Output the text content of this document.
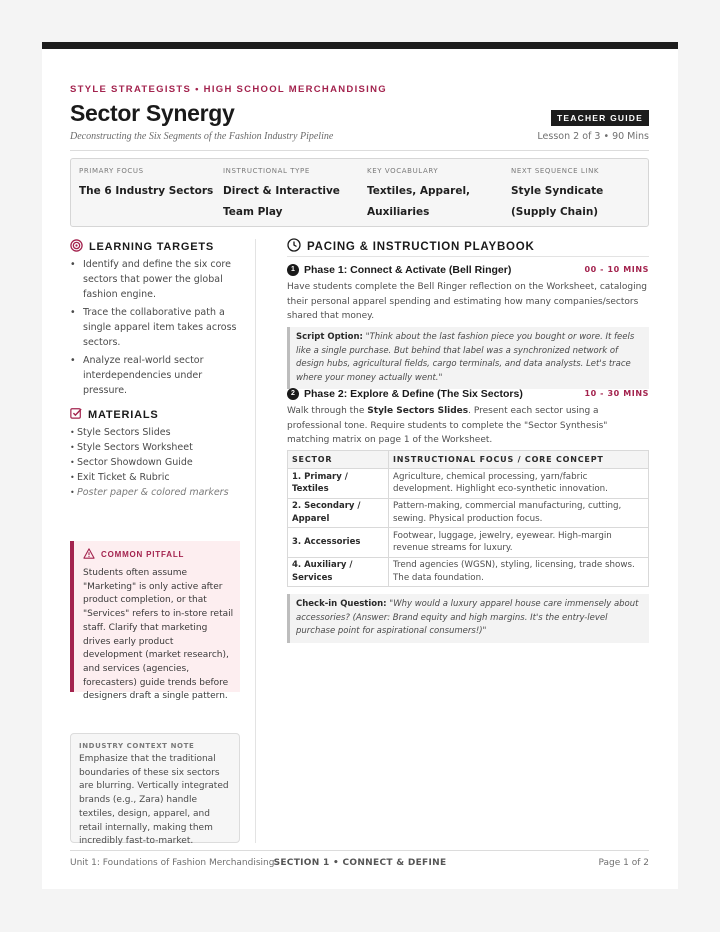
STYLE STRATEGISTS • HIGH SCHOOL MERCHANDISING
Sector Synergy
Deconstructing the Six Segments of the Fashion Industry Pipeline
TEACHER GUIDE
Lesson 2 of 3 • 90 Mins
PRIMARY FOCUS
The 6 Industry Sectors
INSTRUCTIONAL TYPE
Direct & Interactive Team Play
KEY VOCABULARY
Textiles, Apparel, Auxiliaries
NEXT SEQUENCE LINK
Style Syndicate (Supply Chain)
LEARNING TARGETS
• Identify and define the six core sectors that power the global fashion engine.
• Trace the collaborative path a single apparel item takes across sectors.
• Analyze real-world sector interdependencies under pressure.
MATERIALS
• Style Sectors Slides
• Style Sectors Worksheet
• Sector Showdown Guide
• Exit Ticket & Rubric
• Poster paper & colored markers
COMMON PITFALL
Students often assume "Marketing" is only active after product completion, or that "Services" refers to in-store retail staff. Clarify that marketing drives early product development (market research), and services (agencies, forecasters) guide trends before designers draft a single pattern.
INDUSTRY CONTEXT NOTE
Emphasize that the traditional boundaries of these six sectors are blurring. Vertically integrated brands (e.g., Zara) handle textiles, design, apparel, and retail internally, making them incredibly fast-to-market.
PACING & INSTRUCTION PLAYBOOK
1 Phase 1: Connect & Activate (Bell Ringer)	00 - 10 MINS
Have students complete the Bell Ringer reflection on the Worksheet, cataloging their personal apparel spending and estimating how many companies/sectors shared that money.
Script Option: "Think about the last fashion piece you bought or wore. It feels like a single purchase. But behind that label was a synchronized network of design hubs, agricultural fields, cargo terminals, and data analysts. Let's trace where your money actually went."
2 Phase 2: Explore & Define (The Six Sectors)	10 - 30 MINS
Walk through the Style Sectors Slides. Present each sector using a professional tone. Require students to complete the "Sector Synthesis" matching matrix on page 1 of the Worksheet.
SECTOR	INSTRUCTIONAL FOCUS / CORE CONCEPT
1. Primary / Textiles	Agriculture, chemical processing, yarn/fabric development. Highlight eco-synthetic innovation.
2. Secondary / Apparel	Pattern-making, commercial manufacturing, cutting, sewing. Physical production focus.
3. Accessories	Footwear, luggage, jewelry, eyewear. High-margin revenue streams for luxury.
4. Auxiliary / Services	Trend agencies (WGSN), styling, licensing, trade shows. The data foundation.
Check-in Question: "Why would a luxury apparel house care immensely about accessories? (Answer: Brand equity and high margins. It's the entry-level purchase point for aspirational consumers!)"
Unit 1: Foundations of Fashion Merchandising SECTION 1 • CONNECT & DEFINE	Page 1 of 2
